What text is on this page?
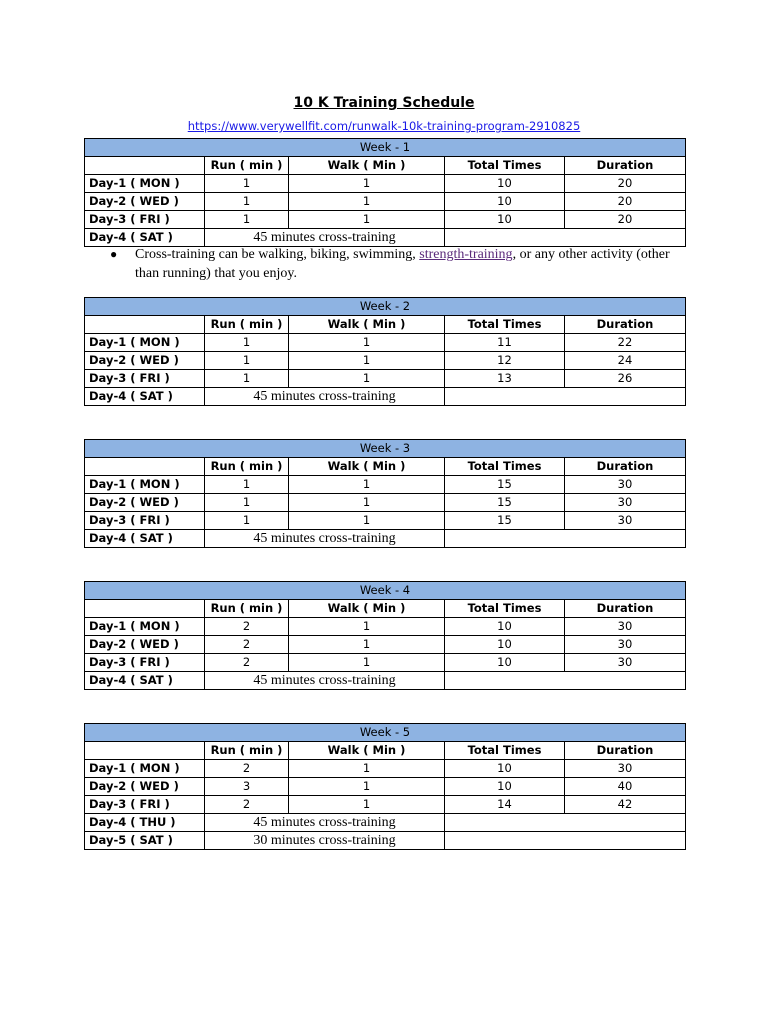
10 K Training Schedule
https://www.verywellfit.com/runwalk-10k-training-program-2910825
Week - 1				
	Run ( min )	Walk ( Min )	Total Times	Duration
Day-1 ( MON )	1	1	10	20
Day-2 ( WED )	1	1	10	20
Day-3 ( FRI )	1	1	10	20
Day-4 ( SAT )	45 minutes cross-training			
Week - 2				
	Run ( min )	Walk ( Min )	Total Times	Duration
Day-1 ( MON )	1	1	11	22
Day-2 ( WED )	1	1	12	24
Day-3 ( FRI )	1	1	13	26
Day-4 ( SAT )	45 minutes cross-training			
Week - 3				
	Run ( min )	Walk ( Min )	Total Times	Duration
Day-1 ( MON )	1	1	15	30
Day-2 ( WED )	1	1	15	30
Day-3 ( FRI )	1	1	15	30
Day-4 ( SAT )	45 minutes cross-training			
Week - 4				
	Run ( min )	Walk ( Min )	Total Times	Duration
Day-1 ( MON )	2	1	10	30
Day-2 ( WED )	2	1	10	30
Day-3 ( FRI )	2	1	10	30
Day-4 ( SAT )	45 minutes cross-training			
Week - 5				
	Run ( min )	Walk ( Min )	Total Times	Duration
Day-1 ( MON )	2	1	10	30
Day-2 ( WED )	3	1	10	40
Day-3 ( FRI )	2	1	14	42
Day-4 ( THU )	45 minutes cross-training			
Day-5 ( SAT )	30 minutes cross-training			
● Cross-training can be walking, biking, swimming, strength-training, or any other activity (other than running) that you enjoy.
